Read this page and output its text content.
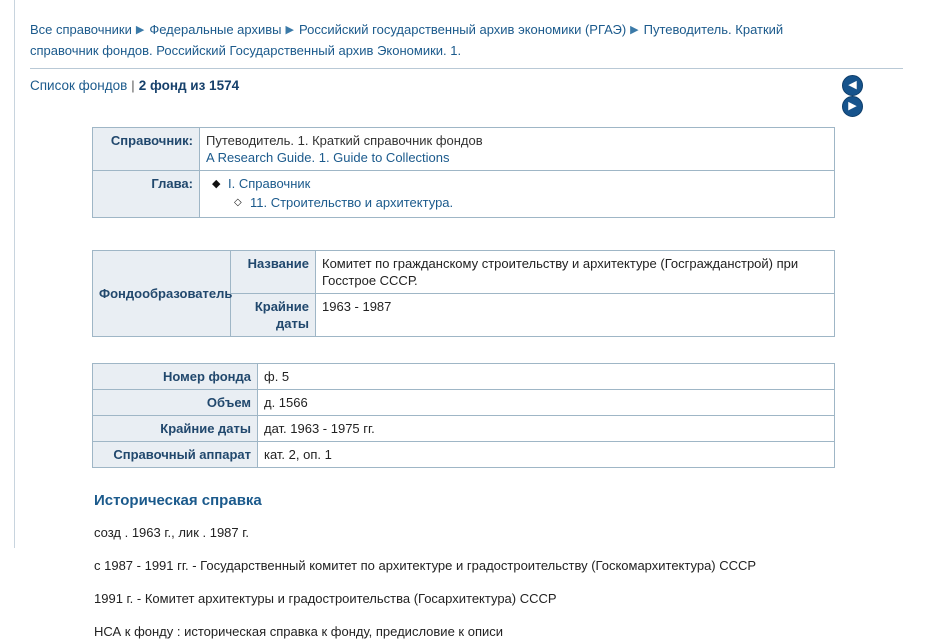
Все справочники ▶ Федеральные архивы ▶ Российский государственный архив экономики (РГАЭ) ▶ Путеводитель. Краткий справочник фондов. Российский Государственный архив Экономики. 1.
Список фондов | 2 фонд из 1574	◀▶
Справочник:	Путеводитель. 1. Краткий справочник фондов
A Research Guide. 1. Guide to Collections

Глава:	◆ I. Справочник
◇ 11. Строительство и архитектура.
Фондообразователь	Название	Комитет по гражданскому строительству и архитектуре (Госгражданстрой) при Госстрое СССР.
	Крайние даты	1963 - 1987
Номер фонда	ф. 5
Объем	д. 1566
Крайние даты	дат. 1963 - 1975 гг.
Справочный аппарат	кат. 2, оп. 1
Историческая справка

созд . 1963 г., лик . 1987 г.

с 1987 - 1991 гг. - Государственный комитет по архитектуре и градостроительству (Госкомархитектура) СССР

1991 г. - Комитет архитектуры и градостроительства (Госархитектура) СССР

НСА к фонду : историческая справка к фонду, предисловие к описи
